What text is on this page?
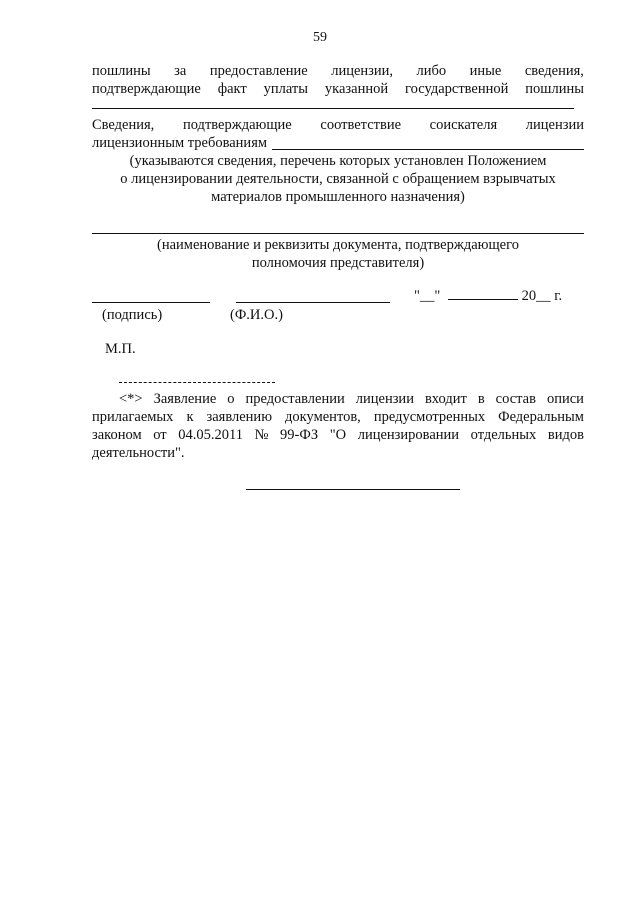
59
пошлины за предоставление лицензии, либо иные сведения,
подтверждающие факт уплаты указанной государственной пошлины
Сведения, подтверждающие соответствие соискателя лицензии
лицензионным требованиям
(указываются сведения, перечень которых установлен Положением
о лицензировании деятельности, связанной с обращением взрывчатых
материалов промышленного назначения)
(наименование и реквизиты документа, подтверждающего
полномочия представителя)
"__"	20__ г.
(подпись)	(Ф.И.О.)
М.П.
<*> Заявление о предоставлении лицензии входит в состав описи
прилагаемых к заявлению документов, предусмотренных Федеральным
законом от 04.05.2011 № 99-ФЗ "О лицензировании отдельных видов
деятельности".
